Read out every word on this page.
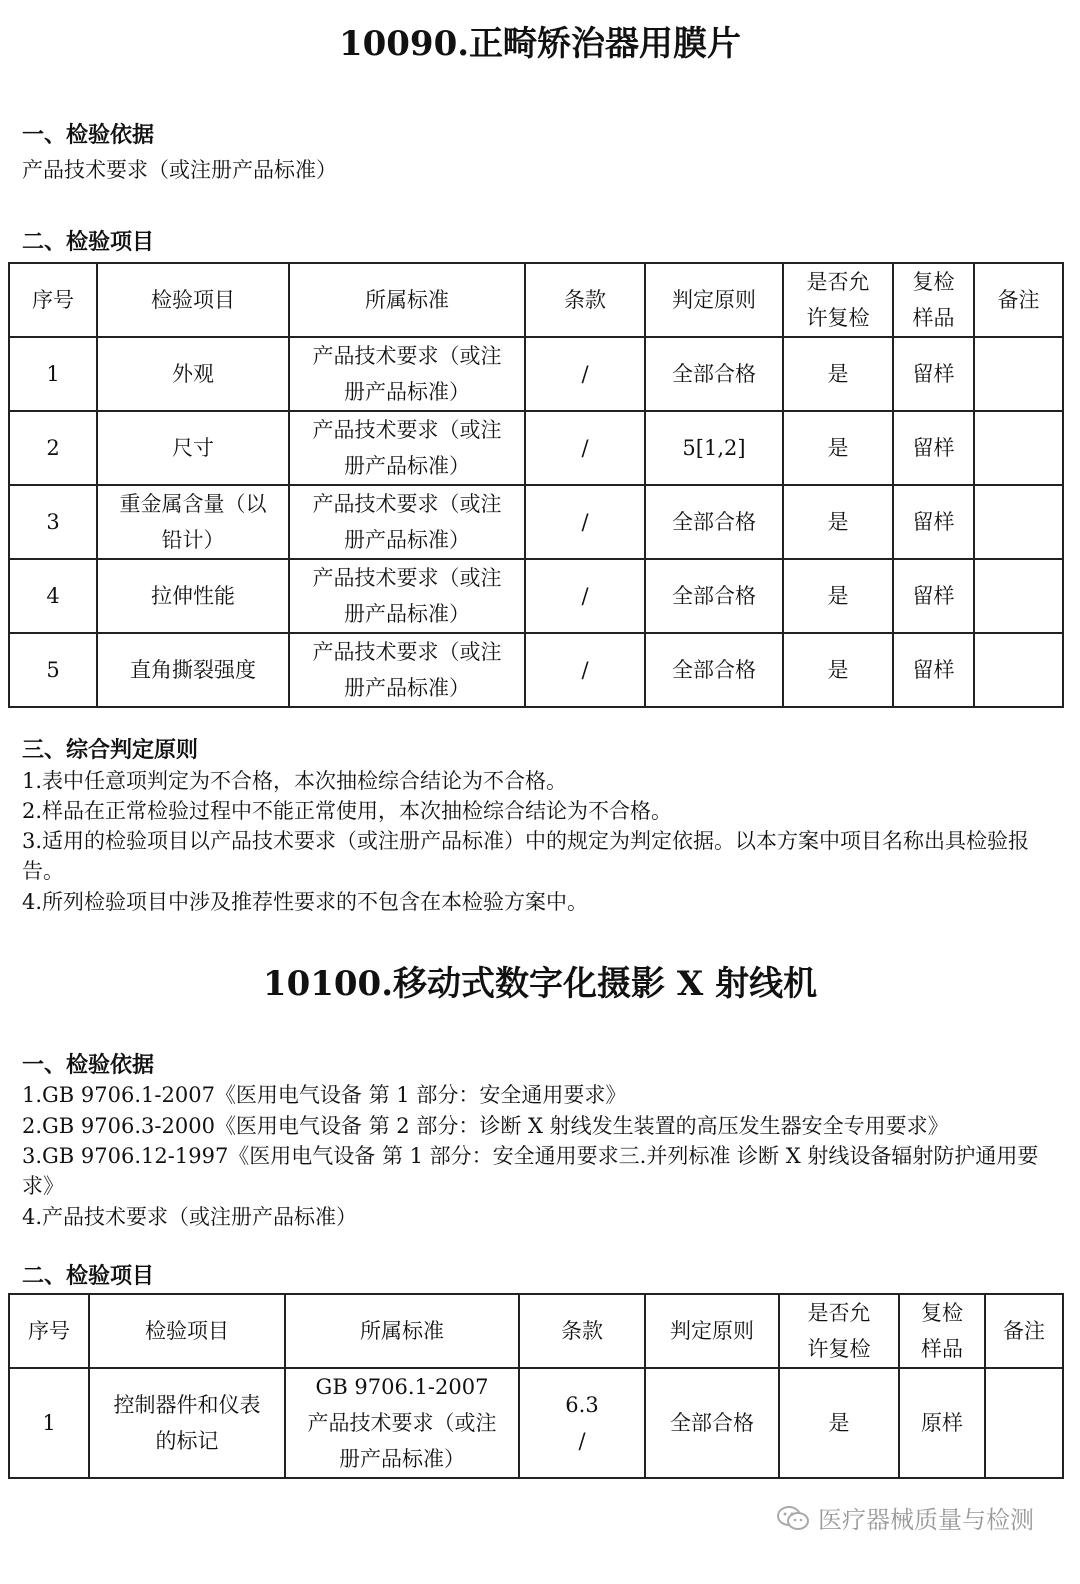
10090.正畸矫治器用膜片
一、检验依据
产品技术要求（或注册产品标准）
二、检验项目
序号	检验项目	所属标准	条款	判定原则	是否允
许复检	复检
样品	备注

1	外观	产品技术要求（或注
册产品标准）	/	全部合格	是	留样	

2	尺寸	产品技术要求（或注
册产品标准）	/	5[1,2]	是	留样	

3	重金属含量（以
铅计）	产品技术要求（或注
册产品标准）	/	全部合格	是	留样	

4	拉伸性能	产品技术要求（或注
册产品标准）	/	全部合格	是	留样	

5	直角撕裂强度	产品技术要求（或注
册产品标准）	/	全部合格	是	留样	

三、综合判定原则
1.表中任意项判定为不合格，本次抽检综合结论为不合格。
2.样品在正常检验过程中不能正常使用，本次抽检综合结论为不合格。
3.适用的检验项目以产品技术要求（或注册产品标准）中的规定为判定依据。以本方案中项目名称出具检验报告。
4.所列检验项目中涉及推荐性要求的不包含在本检验方案中。
10100.移动式数字化摄影 X 射线机
一、检验依据
1.GB 9706.1-2007《医用电气设备 第 1 部分：安全通用要求》
2.GB 9706.3-2000《医用电气设备 第 2 部分：诊断 X 射线发生装置的高压发生器安全专用要求》
3.GB 9706.12-1997《医用电气设备 第 1 部分：安全通用要求三.并列标准 诊断 X 射线设备辐射防护通用要求》
4.产品技术要求（或注册产品标准）
二、检验项目
序号	检验项目	所属标准	条款	判定原则	是否允
许复检	复检
样品	备注

1	控制器件和仪表
的标记	GB 9706.1-2007
产品技术要求（或注
册产品标准）	6.3
/	全部合格	是	原样	

医疗器械质量与检测
